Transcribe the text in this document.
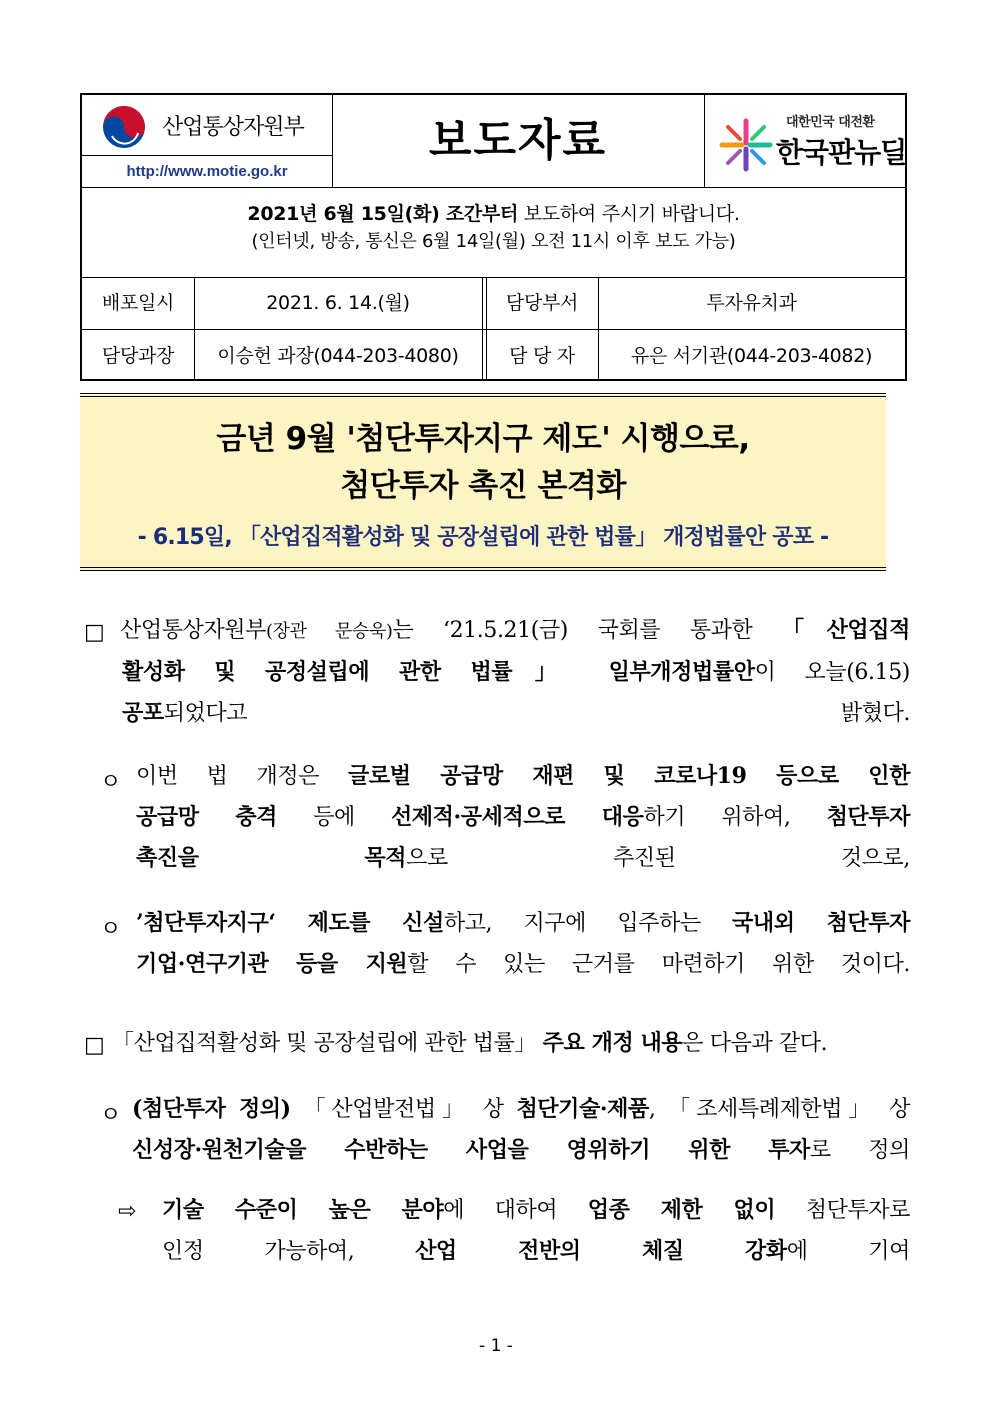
산업통상자원부
http://www.motie.go.kr
보도자료	대한민국 대전환
한국판뉴딜
2021년 6월 15일(화) 조간부터 보도하여 주시기 바랍니다.
(인터넷, 방송, 통신은 6월 14일(월) 오전 11시 이후 보도 가능)
배포일시	2021. 6. 14.(월)	담당부서	투자유치과
담당과장	이승헌 과장(044-203-4080)	담 당 자	유은 서기관(044-203-4082)
금년 9월 '첨단투자지구 제도' 시행으로,
첨단투자 촉진 본격화
- 6.15일, 「산업집적활성화 및 공장설립에 관한 법률」 개정법률안 공포 -
□ 산업통상자원부(장관 문승욱)는 ‘21.5.21(금) 국회를 통과한 「산업집적
활성화 및 공정설립에 관한 법률」 일부개정법률안이 오늘(6.15)
공포되었다고 밝혔다.
ㅇ 이번 법 개정은 글로벌 공급망 재편 및 코로나19 등으로 인한
공급망 충격 등에 선제적·공세적으로 대응하기 위하여, 첨단투자
촉진을 목적으로 추진된 것으로,
ㅇ ’첨단투자지구‘ 제도를 신설하고, 지구에 입주하는 국내외 첨단투자
기업·연구기관 등을 지원할 수 있는 근거를 마련하기 위한 것이다.
□ 「산업집적활성화 및 공장설립에 관한 법률」 주요 개정 내용은 다음과 같다.
ㅇ (첨단투자 정의) 「산업발전법」 상 첨단기술·제품, 「조세특례제한법」 상
신성장·원천기술을 수반하는 사업을 영위하기 위한 투자로 정의
⇨ 기술 수준이 높은 분야에 대하여 업종 제한 없이 첨단투자로
인정 가능하여, 산업 전반의 체질 강화에 기여
- 1 -
